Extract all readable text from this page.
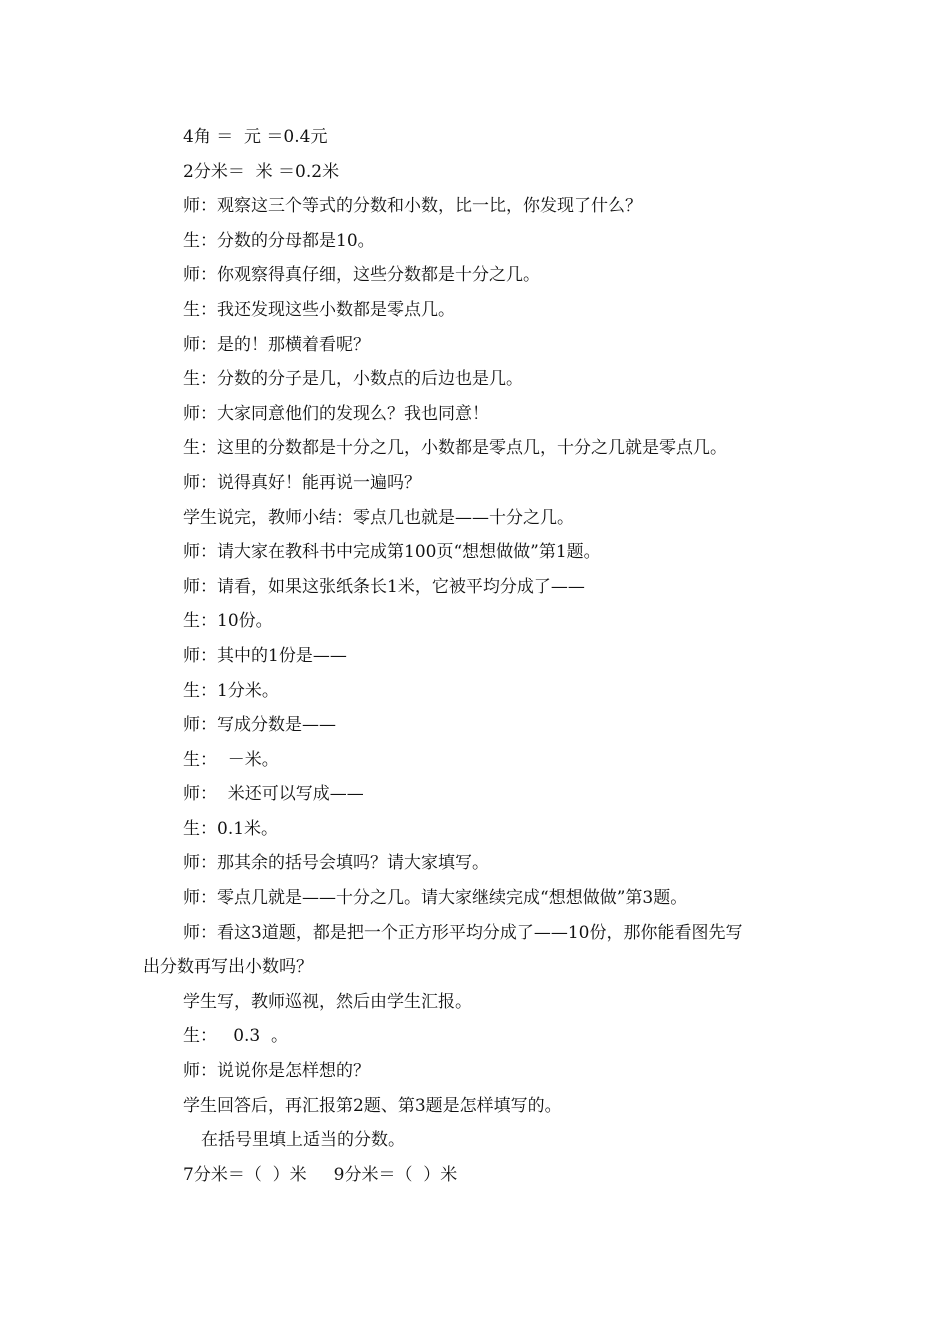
4角 ＝  元 ＝0.4元
2分米＝  米 ＝0.2米
师：观察这三个等式的分数和小数，比一比，你发现了什么？
生：分数的分母都是10。
师：你观察得真仔细，这些分数都是十分之几。
生：我还发现这些小数都是零点几。
师：是的！那横着看呢？
生：分数的分子是几，小数点的后边也是几。
师：大家同意他们的发现么？我也同意！
生：这里的分数都是十分之几，小数都是零点几，十分之几就是零点几。
师：说得真好！能再说一遍吗？
学生说完，教师小结：零点几也就是——十分之几。
师：请大家在教科书中完成第100页“想想做做”第1题。
师：请看，如果这张纸条长1米，它被平均分成了——
生：10份。
师：其中的1份是——
生：1分米。
师：写成分数是——
生：  －米。
师：  米还可以写成——
生：0.1米。
师：那其余的括号会填吗？请大家填写。
师：零点几就是——十分之几。请大家继续完成“想想做做”第3题。
师：看这3道题，都是把一个正方形平均分成了——10份，那你能看图先写
出分数再写出小数吗？
学生写，教师巡视，然后由学生汇报。
生：   0.3  。
师：说说你是怎样想的？
学生回答后，再汇报第2题、第3题是怎样填写的。
在括号里填上适当的分数。
7分米＝（  ）米     9分米＝（  ）米
